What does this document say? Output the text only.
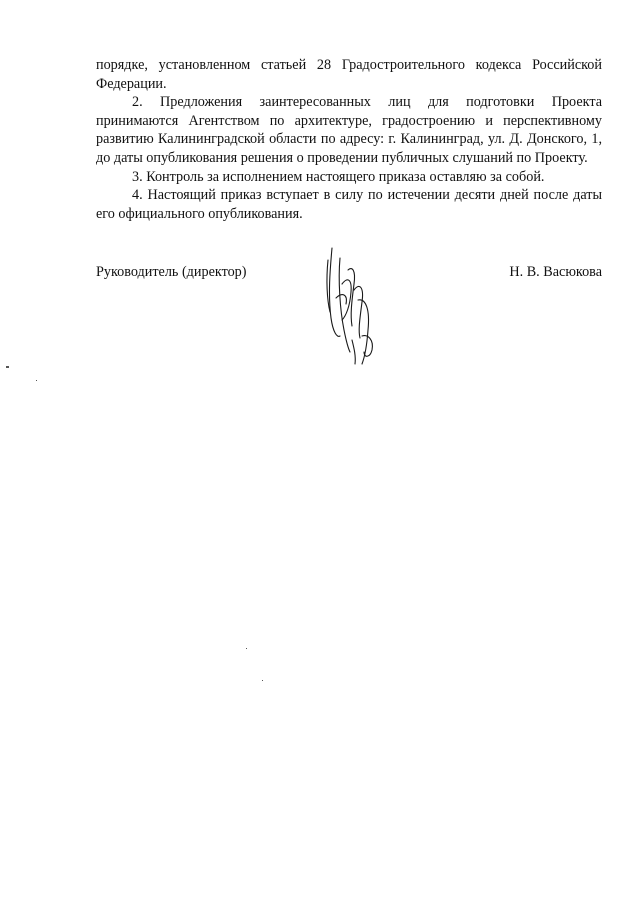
порядке, установленном статьей 28 Градостроительного кодекса Российской Федерации.

2. Предложения заинтересованных лиц для подготовки Проекта принимаются Агентством по архитектуре, градостроению и перспективному развитию Калининградской области по адресу: г. Калининград, ул. Д. Донского, 1, до даты опубликования решения о проведении публичных слушаний по Проекту.

3. Контроль за исполнением настоящего приказа оставляю за собой.

4. Настоящий приказ вступает в силу по истечении десяти дней после даты его официального опубликования.

Руководитель (директор)	Н. В. Васюкова
